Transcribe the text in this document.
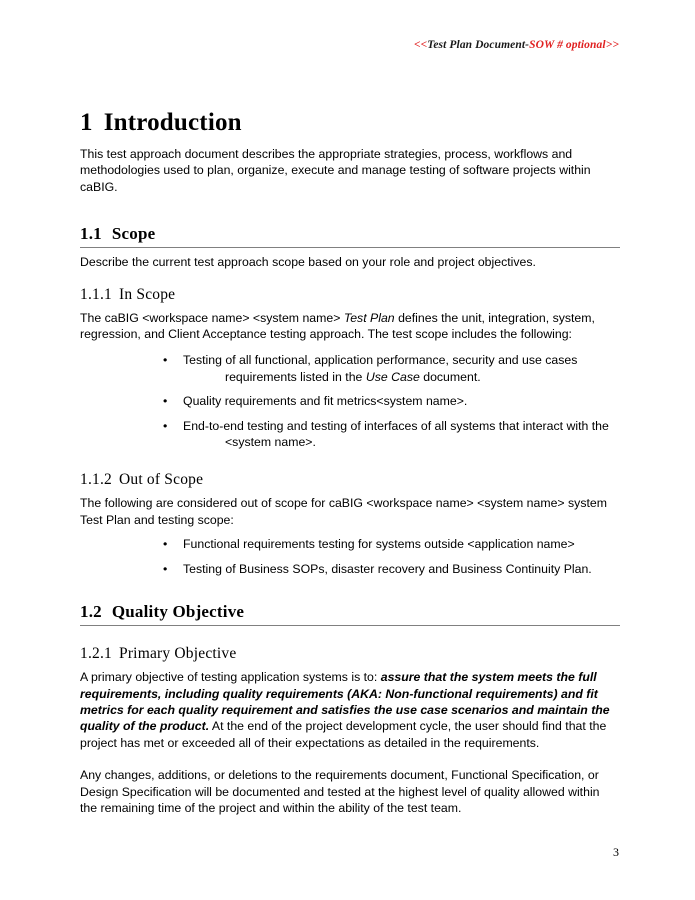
<<Test Plan Document-SOW # optional>>
1 Introduction

This test approach document describes the appropriate strategies, process, workflows and methodologies used to plan, organize, execute and manage testing of software projects within caBIG.

1.1 Scope

Describe the current test approach scope based on your role and project objectives.

1.1.1 In Scope

The caBIG <workspace name> <system name> Test Plan defines the unit, integration, system, regression, and Client Acceptance testing approach. The test scope includes the following:

• Testing of all functional, application performance, security and use cases requirements listed in the Use Case document.
• Quality requirements and fit metrics<system name>.
• End-to-end testing and testing of interfaces of all systems that interact with the <system name>.
1.1.2 Out of Scope

The following are considered out of scope for caBIG <workspace name> <system name> system Test Plan and testing scope:

• Functional requirements testing for systems outside <application name>
• Testing of Business SOPs, disaster recovery and Business Continuity Plan.
1.2 Quality Objective
1.2.1 Primary Objective

A primary objective of testing application systems is to: assure that the system meets the full requirements, including quality requirements (AKA: Non-functional requirements) and fit metrics for each quality requirement and satisfies the use case scenarios and maintain the quality of the product. At the end of the project development cycle, the user should find that the project has met or exceeded all of their expectations as detailed in the requirements.

Any changes, additions, or deletions to the requirements document, Functional Specification, or Design Specification will be documented and tested at the highest level of quality allowed within the remaining time of the project and within the ability of the test team.

3
